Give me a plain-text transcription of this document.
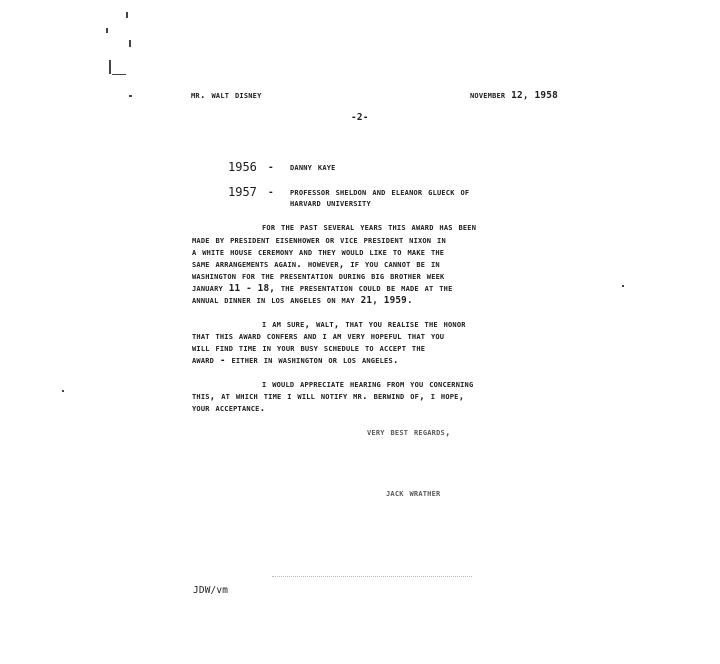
mr. walt disney	november 12, 1958
-2-
1956 - danny kaye
1957 - professor sheldon and eleanor glueck of
harvard university
for the past several years this award has been
made by president eisenhower or vice president nixon in
a white house ceremony and they would like to make the
same arrangements again. however, if you cannot be in
washington for the presentation during big brother week
january 11 - 18, the presentation could be made at the
annual dinner in los angeles on may 21, 1959.
i am sure, walt, that you realise the honor
that this award confers and i am very hopeful that you
will find time in your busy schedule to accept the
award - either in washington or los angeles.
i would appreciate hearing from you concerning
this, at which time i will notify mr. berwind of, i hope,
your acceptance.
very best regards,
jack wrather
JDW/vm
